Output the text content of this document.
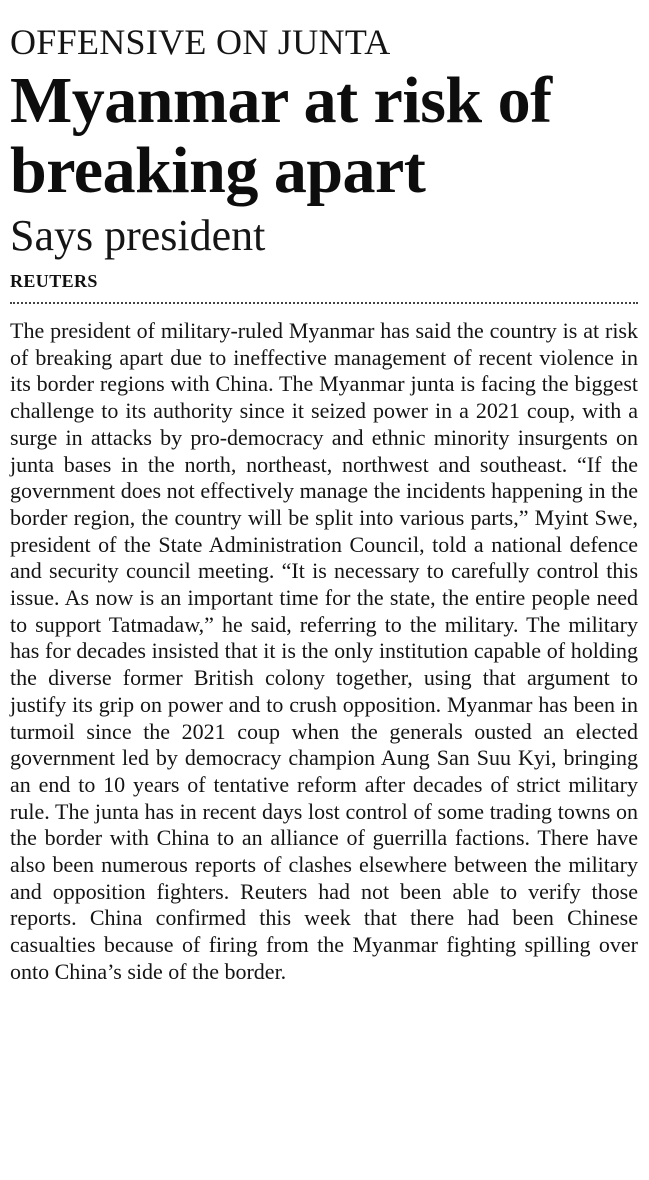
OFFENSIVE ON JUNTA
Myanmar at risk of breaking apart
Says president
REUTERS

The president of military-ruled Myanmar has said the country is at risk of breaking apart due to ineffective management of recent violence in its border regions with China. The Myanmar junta is facing the biggest challenge to its authority since it seized power in a 2021 coup, with a surge in attacks by pro-democracy and ethnic minority insurgents on junta bases in the north, northeast, northwest and southeast. “If the government does not effectively manage the incidents happening in the border region, the country will be split into various parts,” Myint Swe, president of the State Administration Council, told a national defence and security council meeting. “It is necessary to carefully control this issue. As now is an important time for the state, the entire people need to support Tatmadaw,” he said, referring to the military. The military has for decades insisted that it is the only institution capable of holding the diverse former British colony together, using that argument to justify its grip on power and to crush opposition. Myanmar has been in turmoil since the 2021 coup when the generals ousted an elected government led by democracy champion Aung San Suu Kyi, bringing an end to 10 years of tentative reform after decades of strict military rule. The junta has in recent days lost control of some trading towns on the border with China to an alliance of guerrilla factions. There have also been numerous reports of clashes elsewhere between the military and opposition fighters. Reuters had not been able to verify those reports. China confirmed this week that there had been Chinese casualties because of firing from the Myanmar fighting spilling over onto China’s side of the border.
